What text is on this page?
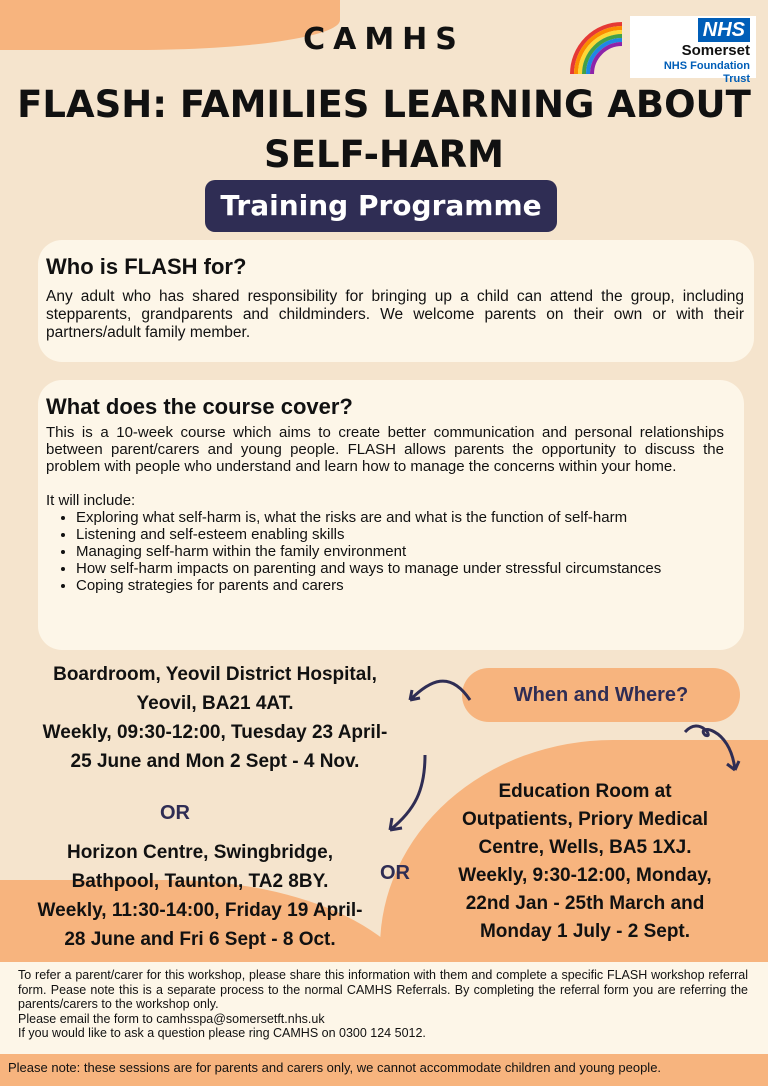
CAMHS	NHS
Somerset
NHS Foundation Trust
FLASH: FAMILIES LEARNING ABOUT
SELF-HARM
Training Programme
Who is FLASH for?
Any adult who has shared responsibility for bringing up a child can attend the group, including stepparents, grandparents and childminders. We welcome parents on their own or with their partners/adult family member.
What does the course cover?
This is a 10-week course which aims to create better communication and personal relationships between parent/carers and young people. FLASH allows parents the opportunity to discuss the problem with people who understand and learn how to manage the concerns within your home.
It will include:
• Exploring what self-harm is, what the risks are and what is the function of self-harm
• Listening and self-esteem enabling skills
• Managing self-harm within the family environment
• How self-harm impacts on parenting and ways to manage under stressful circumstances
• Coping strategies for parents and carers
When and Where?
Boardroom, Yeovil District Hospital,
Yeovil, BA21 4AT.
Weekly, 09:30-12:00, Tuesday 23 April-
25 June and Mon 2 Sept - 4 Nov.
OR
Horizon Centre, Swingbridge,
Bathpool, Taunton, TA2 8BY.
Weekly, 11:30-14:00, Friday 19 April-
28 June and Fri 6 Sept - 8 Oct.
OR
Education Room at
Outpatients, Priory Medical
Centre, Wells, BA5 1XJ.
Weekly, 9:30-12:00, Monday,
22nd Jan - 25th March and
Monday 1 July - 2 Sept.
To refer a parent/carer for this workshop, please share this information with them and complete a specific FLASH workshop referral form. Pease note this is a separate process to the normal CAMHS Referrals. By completing the referral form you are referring the parents/carers to the workshop only.
Please email the form to camhsspa@somersetft.nhs.uk
If you would like to ask a question please ring CAMHS on 0300 124 5012.
Please note: these sessions are for parents and carers only, we cannot accommodate children and young people.
